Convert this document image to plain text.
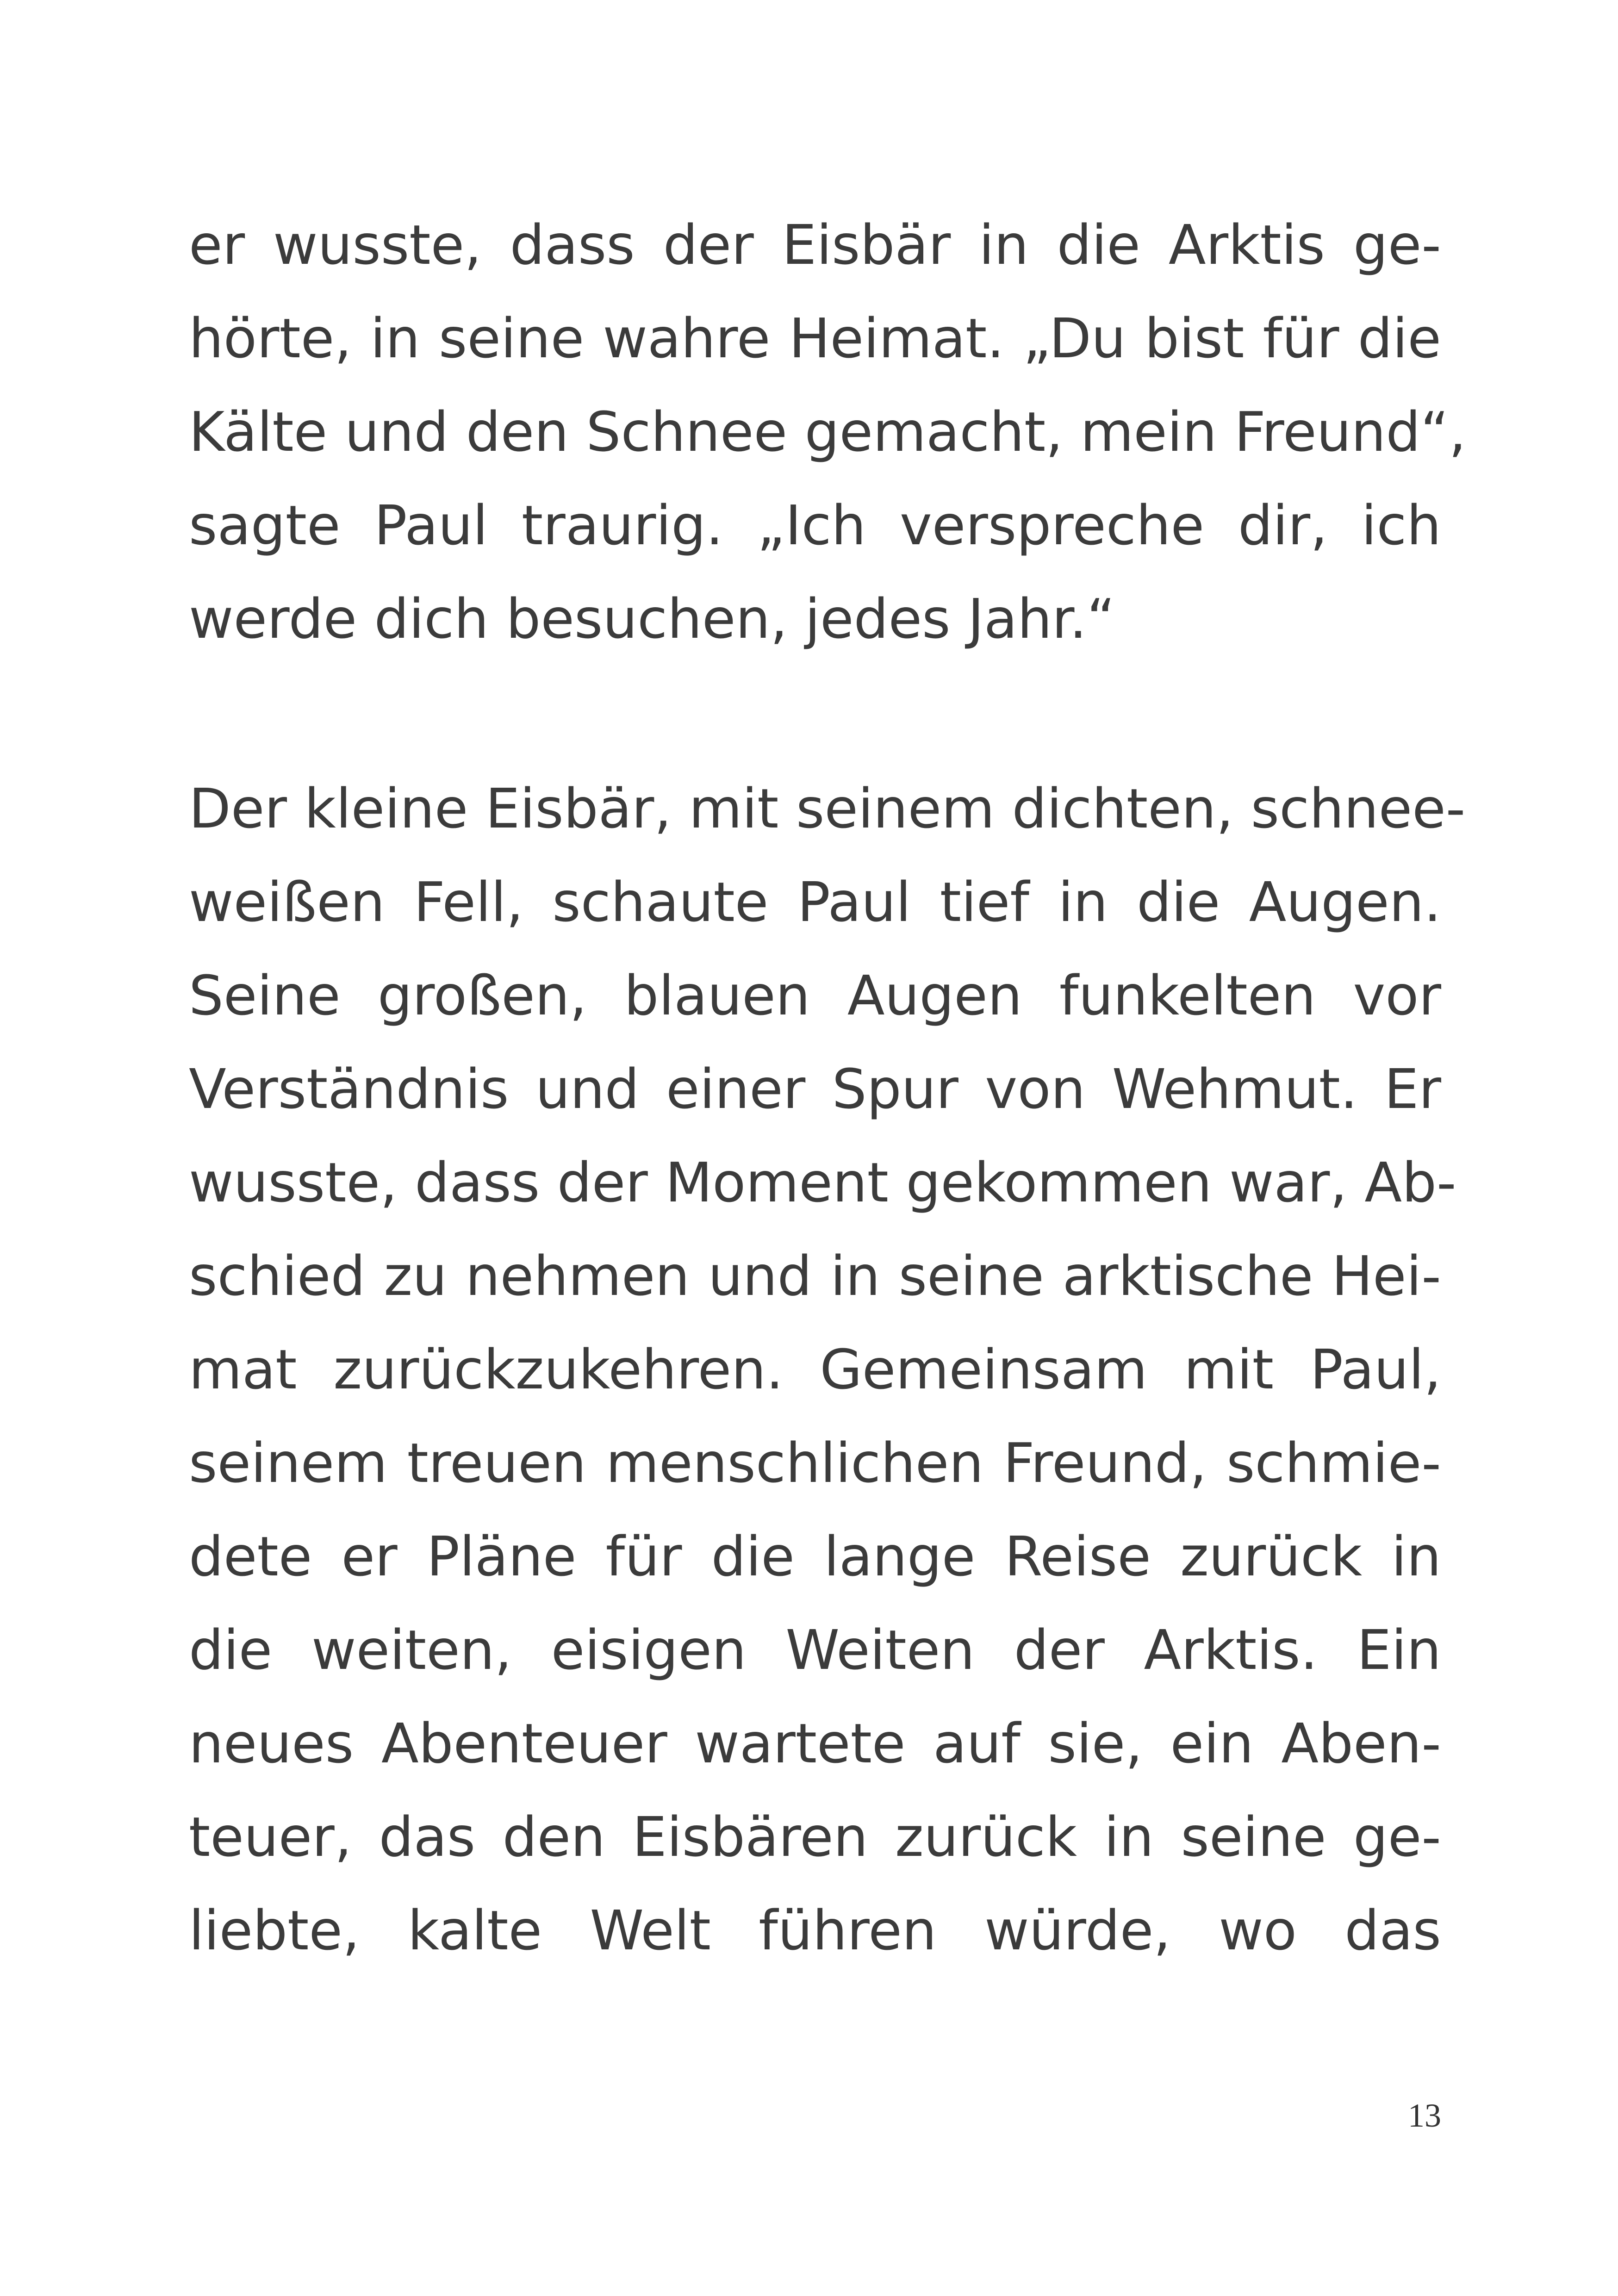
er wusste, dass der Eisbär in die Arktis ge-
hörte, in seine wahre Heimat. „Du bist für die
Kälte und den Schnee gemacht, mein Freund“,
sagte Paul traurig. „Ich verspreche dir, ich
werde dich besuchen, jedes Jahr.“
Der kleine Eisbär, mit seinem dichten, schnee-
weißen Fell, schaute Paul tief in die Augen.
Seine großen, blauen Augen funkelten vor
Verständnis und einer Spur von Wehmut. Er
wusste, dass der Moment gekommen war, Ab-
schied zu nehmen und in seine arktische Hei-
mat zurückzukehren. Gemeinsam mit Paul,
seinem treuen menschlichen Freund, schmie-
dete er Pläne für die lange Reise zurück in
die weiten, eisigen Weiten der Arktis. Ein
neues Abenteuer wartete auf sie, ein Aben-
teuer, das den Eisbären zurück in seine ge-
liebte, kalte Welt führen würde, wo das
13
